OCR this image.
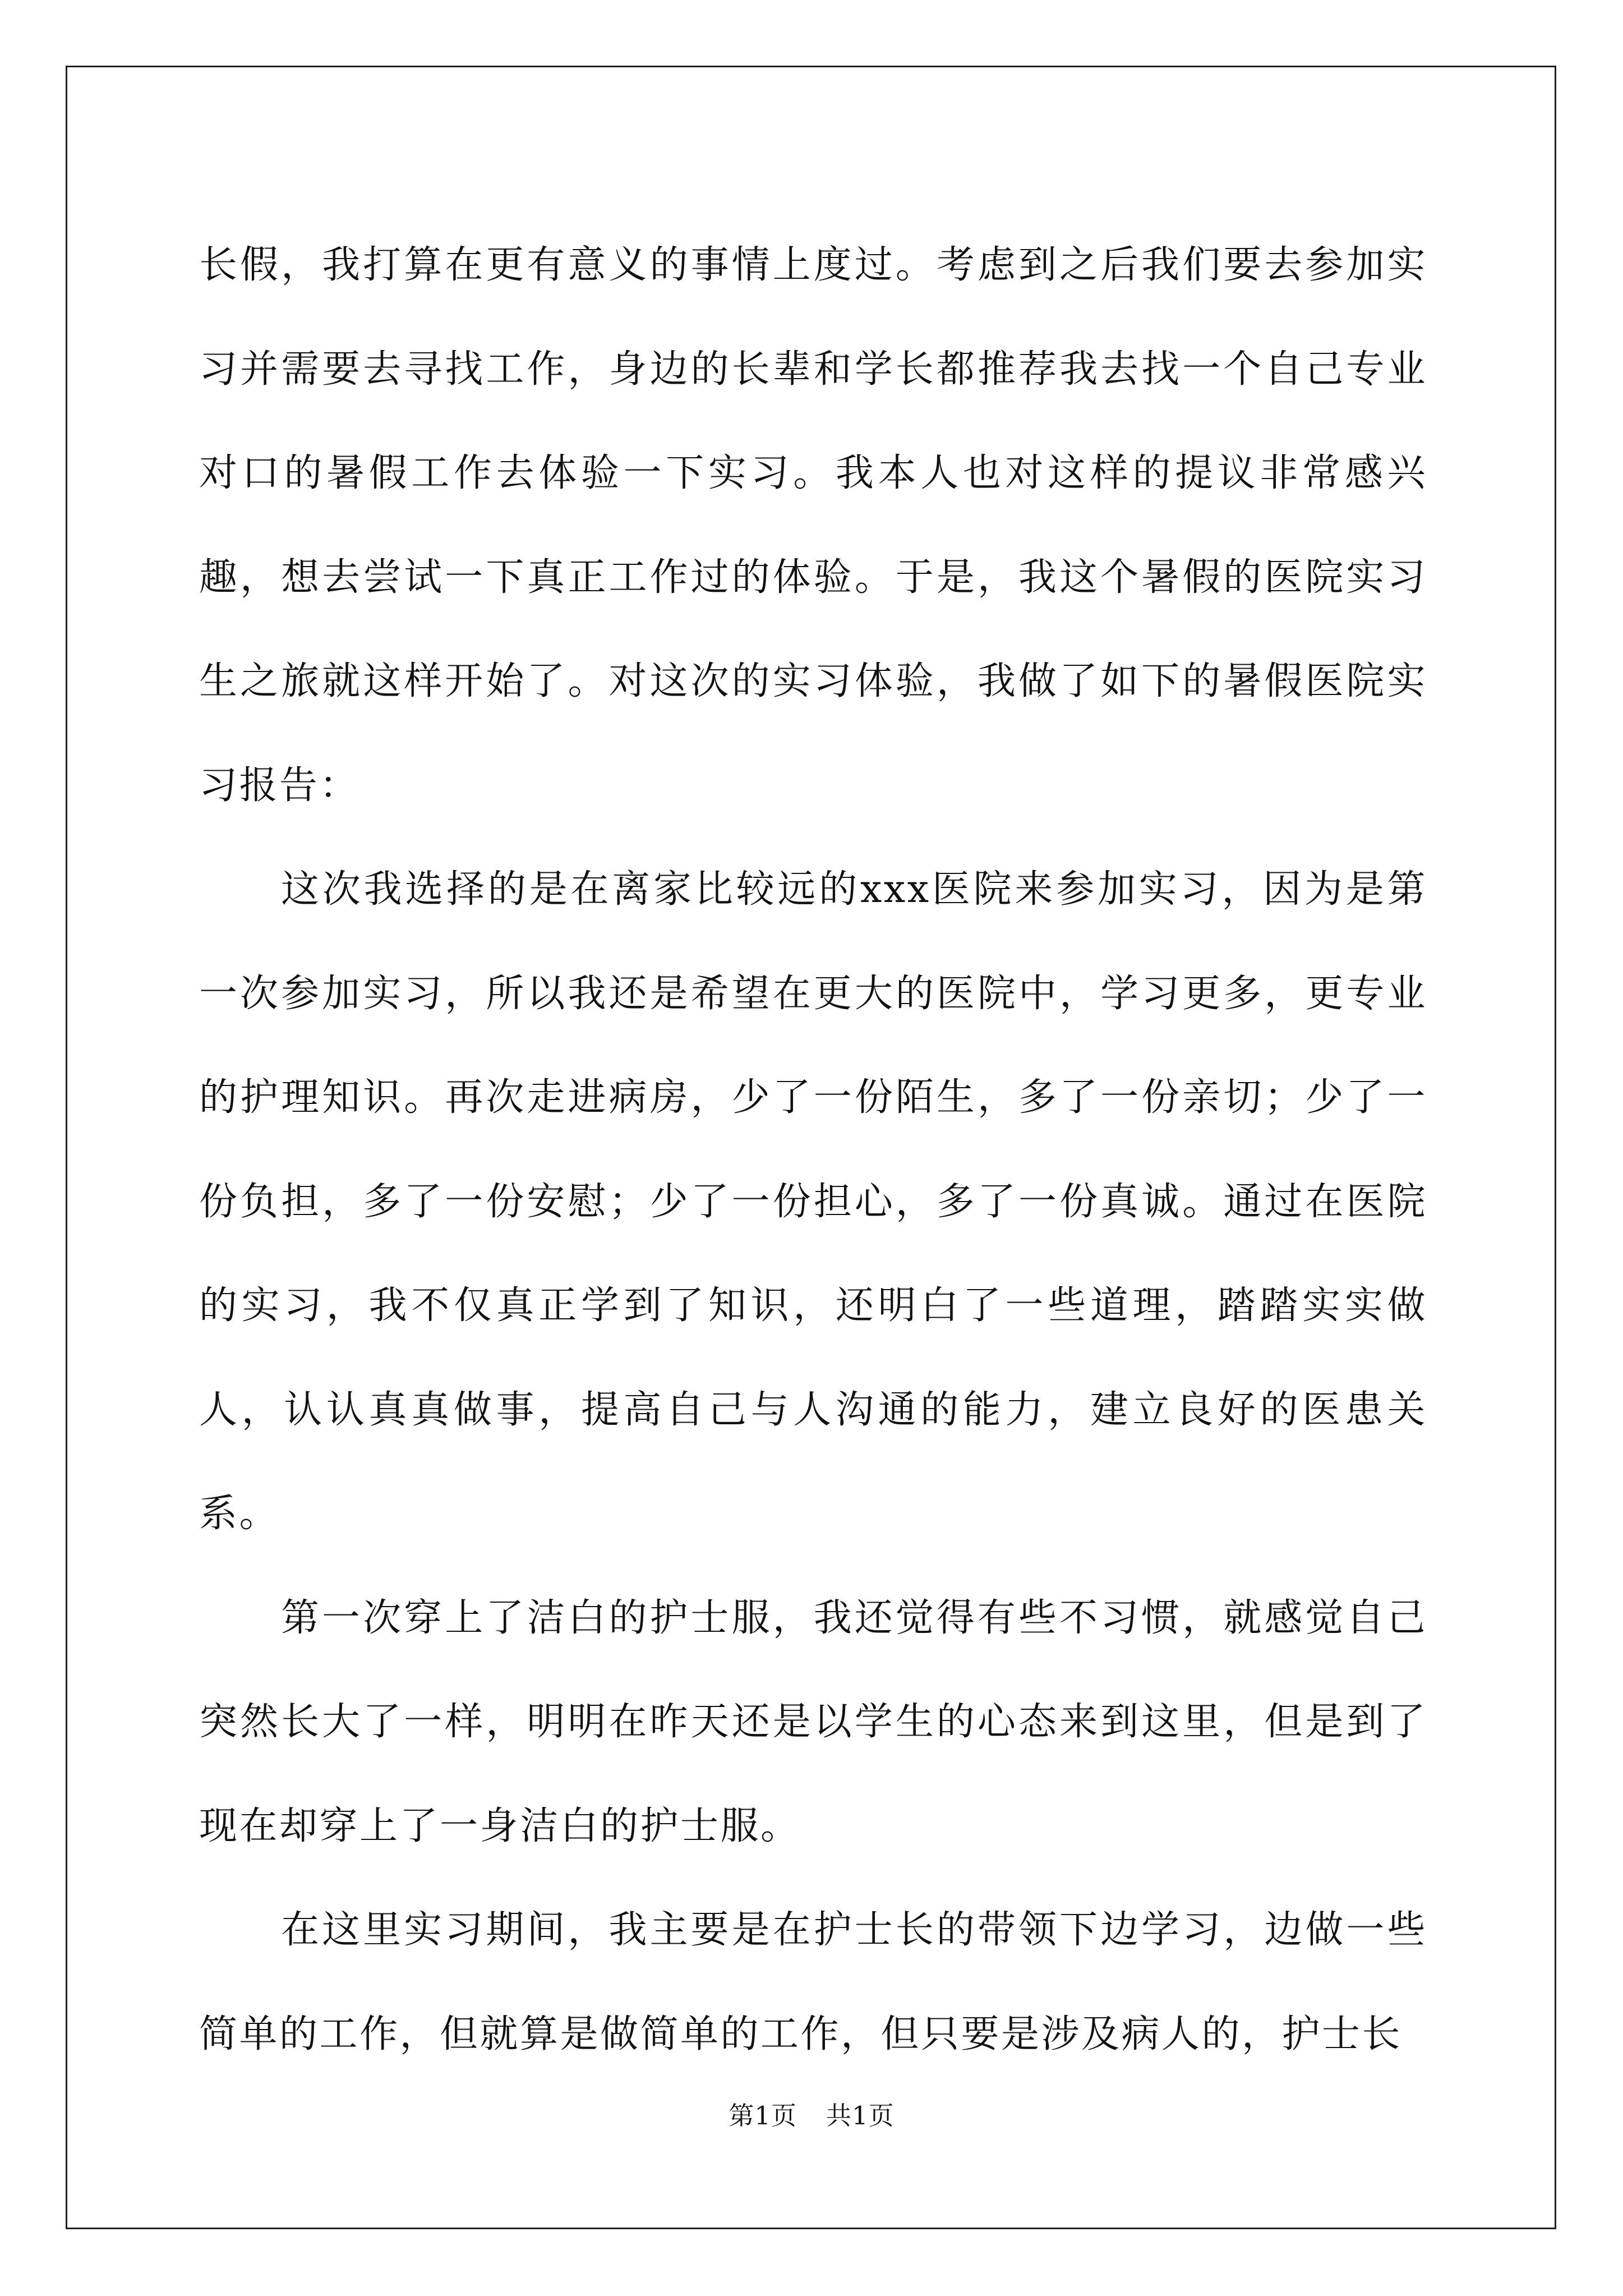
长假，我打算在更有意义的事情上度过。考虑到之后我们要去参加实习并需要去寻找工作，身边的长辈和学长都推荐我去找一个自己专业对口的暑假工作去体验一下实习。我本人也对这样的提议非常感兴趣，想去尝试一下真正工作过的体验。于是，我这个暑假的医院实习生之旅就这样开始了。对这次的实习体验，我做了如下的暑假医院实习报告：

这次我选择的是在离家比较远的xxx医院来参加实习，因为是第一次参加实习，所以我还是希望在更大的医院中，学习更多，更专业的护理知识。再次走进病房，少了一份陌生，多了一份亲切；少了一份负担，多了一份安慰；少了一份担心，多了一份真诚。通过在医院的实习，我不仅真正学到了知识，还明白了一些道理，踏踏实实做人，认认真真做事，提高自己与人沟通的能力，建立良好的医患关系。

第一次穿上了洁白的护士服，我还觉得有些不习惯，就感觉自己突然长大了一样，明明在昨天还是以学生的心态来到这里，但是到了现在却穿上了一身洁白的护士服。

在这里实习期间，我主要是在护士长的带领下边学习，边做一些简单的工作，但就算是做简单的工作，但只要是涉及病人的，护士长

第1页 共1页
